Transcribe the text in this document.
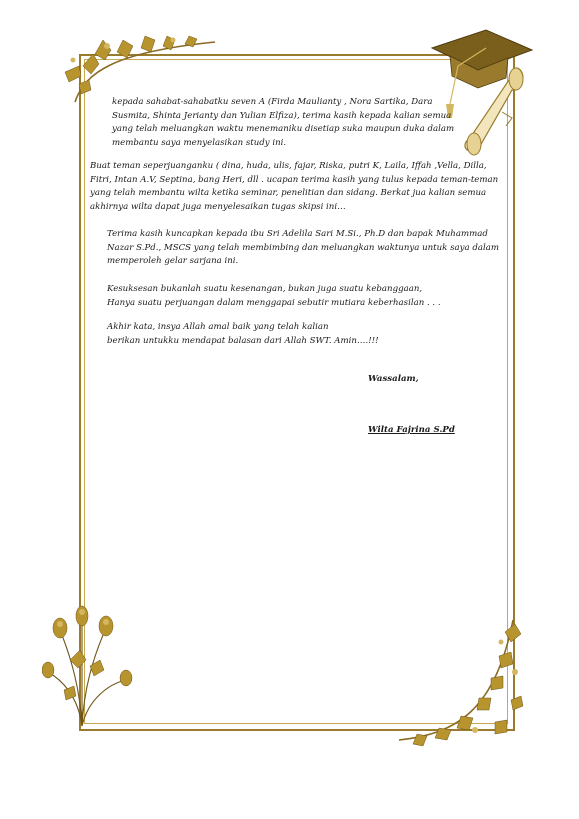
kepada sahabat-sahabatku seven A (Firda Maulianty , Nora Sartika, Dara
Susmita, Shinta Jerianty dan Yulian Elfiza), terima kasih kepada kalian semua
yang telah meluangkan waktu menemaniku disetiap suka maupun duka dalam
membantu saya menyelasikan study ini.

Buat teman seperjuanganku ( dina, huda, ulis, fajar, Riska, putri K, Laila, Iffah ,Vella, Dilla,
Fitri, Intan A.V, Septina, bang Heri, dll . ucapan terima kasih yang tulus kepada teman-teman
yang telah membantu wilta ketika seminar, penelitian dan sidang. Berkat jua kalian semua
akhirnya wilta dapat juga menyelesaikan tugas skipsi ini…

Terima kasih kuncapkan kepada ibu Sri Adelila Sari M.Si., Ph.D dan bapak Muhammad
Nazar S.Pd., MSCS yang telah membimbing dan meluangkan waktunya untuk saya dalam
memperoleh gelar sarjana ini.

Kesuksesan bukanlah suatu kesenangan, bukan juga suatu kebanggaan,
Hanya suatu perjuangan dalam menggapai sebutir mutiara keberhasilan . . .

Akhir kata, insya Allah amal baik yang telah kalian
berikan untukku mendapat balasan dari Allah SWT. Amin….!!!

Wassalam,
Wilta Fajrina S.Pd
